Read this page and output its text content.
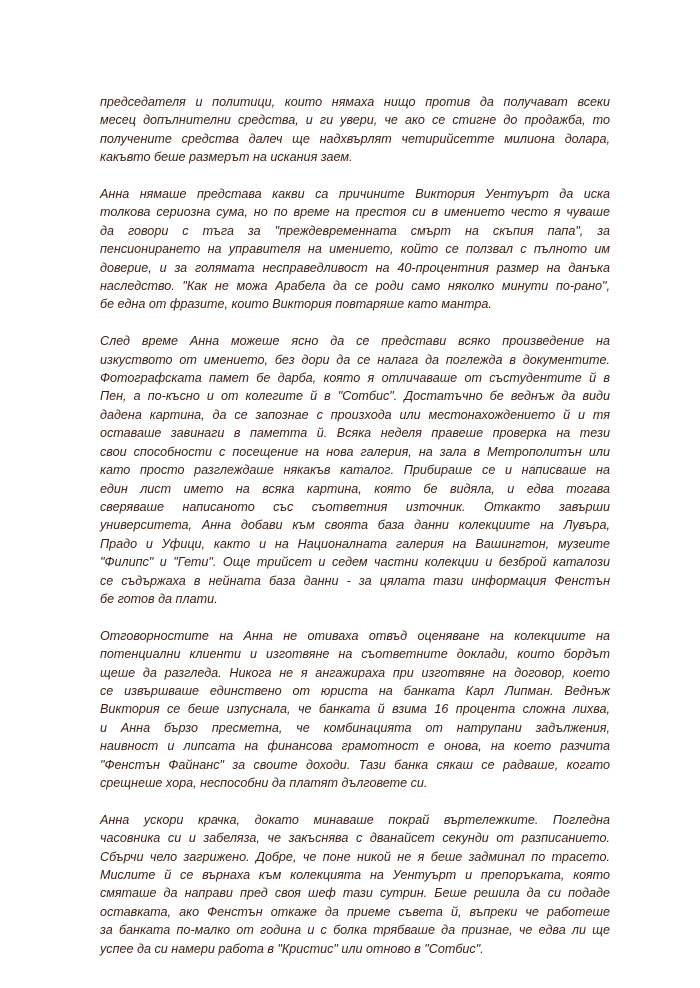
председателя и политици, които нямаха нищо против да получават всеки
месец допълнителни средства, и ги увери, че ако се стигне до продажба, то
получените средства далеч ще надхвърлят четирийсетте милиона долара,
какъвто беше размерът на искания заем.

Анна нямаше представа какви са причините Виктория Уентуърт да иска
толкова сериозна сума, но по време на престоя си в имението често я чуваше
да говори с тъга за "преждевременната смърт на скъпия папа", за
пенсионирането на управителя на имението, който се ползвал с пълното им
доверие, и за голямата несправедливост на 40-процентния размер на данъка
наследство. "Как не можа Арабела да се роди само няколко минути по-рано",
бе една от фразите, които Виктория повтаряше като мантра.

След време Анна можеше ясно да се представи всяко произведение на
изкуството от имението, без дори да се налага да поглежда в документите.
Фотографската памет бе дарба, която я отличаваше от състудентите й в
Пен, а по-късно и от колегите й в "Сотбис". Достатъчно бе веднъж да види
дадена картина, да се запознае с произхода или местонахождението й и тя
оставаше завинаги в паметта й. Всяка неделя правеше проверка на тези
свои способности с посещение на нова галерия, на зала в Метрополитън или
като просто разглеждаше някакъв каталог. Прибираше се и написваше на
един лист името на всяка картина, която бе видяла, и едва тогава
сверяваше написаното със съответния източник. Откакто завърши
университета, Анна добави към своята база данни колекциите на Лувъра,
Прадо и Уфици, както и на Националната галерия на Вашингтон, музеите
"Филипс" и "Гети". Още трийсет и седем частни колекции и безброй каталози
се съдържаха в нейната база данни - за цялата тази информация Фенстън
бе готов да плати.

Отговорностите на Анна не отиваха отвъд оценяване на колекциите на
потенциални клиенти и изготвяне на съответните доклади, които бордът
щеше да разгледа. Никога не я ангажираха при изготвяне на договор, което
се извършваше единствено от юриста на банката Карл Липман. Веднъж
Виктория се беше изпуснала, че банката й взима 16 процента сложна лихва,
и Анна бързо пресметна, че комбинацията от натрупани задължения,
наивност и липсата на финансова грамотност е онова, на което разчита
"Фенстън Файнанс" за своите доходи. Тази банка сякаш се радваше, когато
срещнеше хора, неспособни да платят дълговете си.

Анна ускори крачка, докато минаваше покрай въртележките. Погледна
часовника си и забеляза, че закъснява с дванайсет секунди от разписанието.
Сбърчи чело загрижено. Добре, че поне никой не я беше задминал по трасето.
Мислите й се върнаха към колекцията на Уентуърт и препоръката, която
смяташе да направи пред своя шеф тази сутрин. Беше решила да си подаде
оставката, ако Фенстън откаже да приеме съвета й, въпреки че работеше
за банката по-малко от година и с болка трябваше да признае, че едва ли ще
успее да си намери работа в "Кристис" или отново в "Сотбис".
